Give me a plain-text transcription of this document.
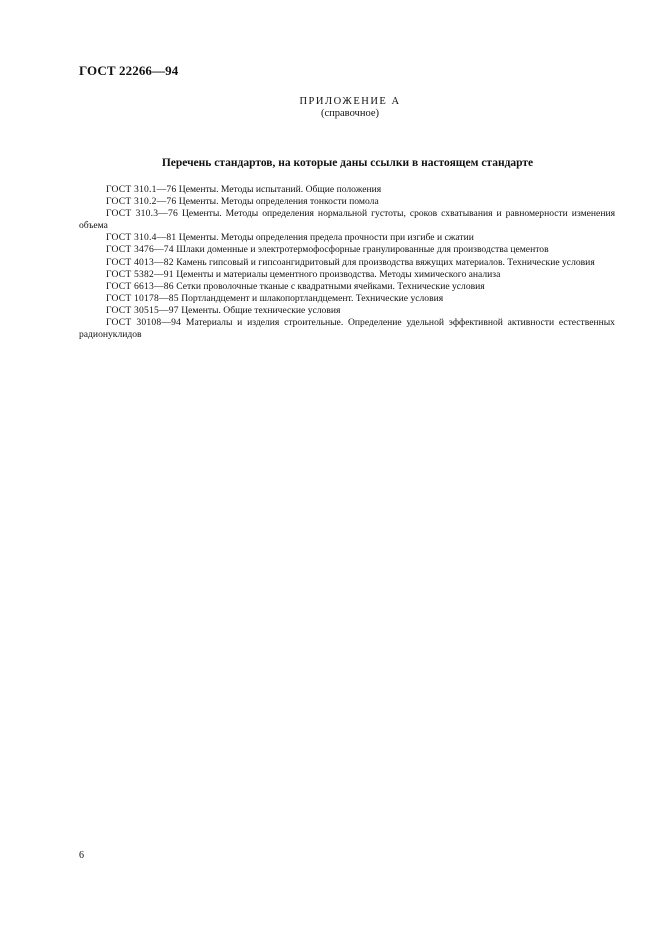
ГОСТ 22266—94
ПРИЛОЖЕНИЕ А
(справочное)
Перечень стандартов, на которые даны ссылки в настоящем стандарте
ГОСТ 310.1—76 Цементы. Методы испытаний. Общие положения
ГОСТ 310.2—76 Цементы. Методы определения тонкости помола
ГОСТ 310.3—76 Цементы. Методы определения нормальной густоты, сроков схватывания и равномерности изменения объема
ГОСТ 310.4—81 Цементы. Методы определения предела прочности при изгибе и сжатии
ГОСТ 3476—74 Шлаки доменные и электротермофосфорные гранулированные для производства цементов
ГОСТ 4013—82 Камень гипсовый и гипсоангидритовый для производства вяжущих материалов. Технические условия
ГОСТ 5382—91 Цементы и материалы цементного производства. Методы химического анализа
ГОСТ 6613—86 Сетки проволочные тканые с квадратными ячейками. Технические условия
ГОСТ 10178—85 Портландцемент и шлакопортландцемент. Технические условия
ГОСТ 30515—97 Цементы. Общие технические условия
ГОСТ 30108—94 Материалы и изделия строительные. Определение удельной эффективной активности естественных радионуклидов
6
